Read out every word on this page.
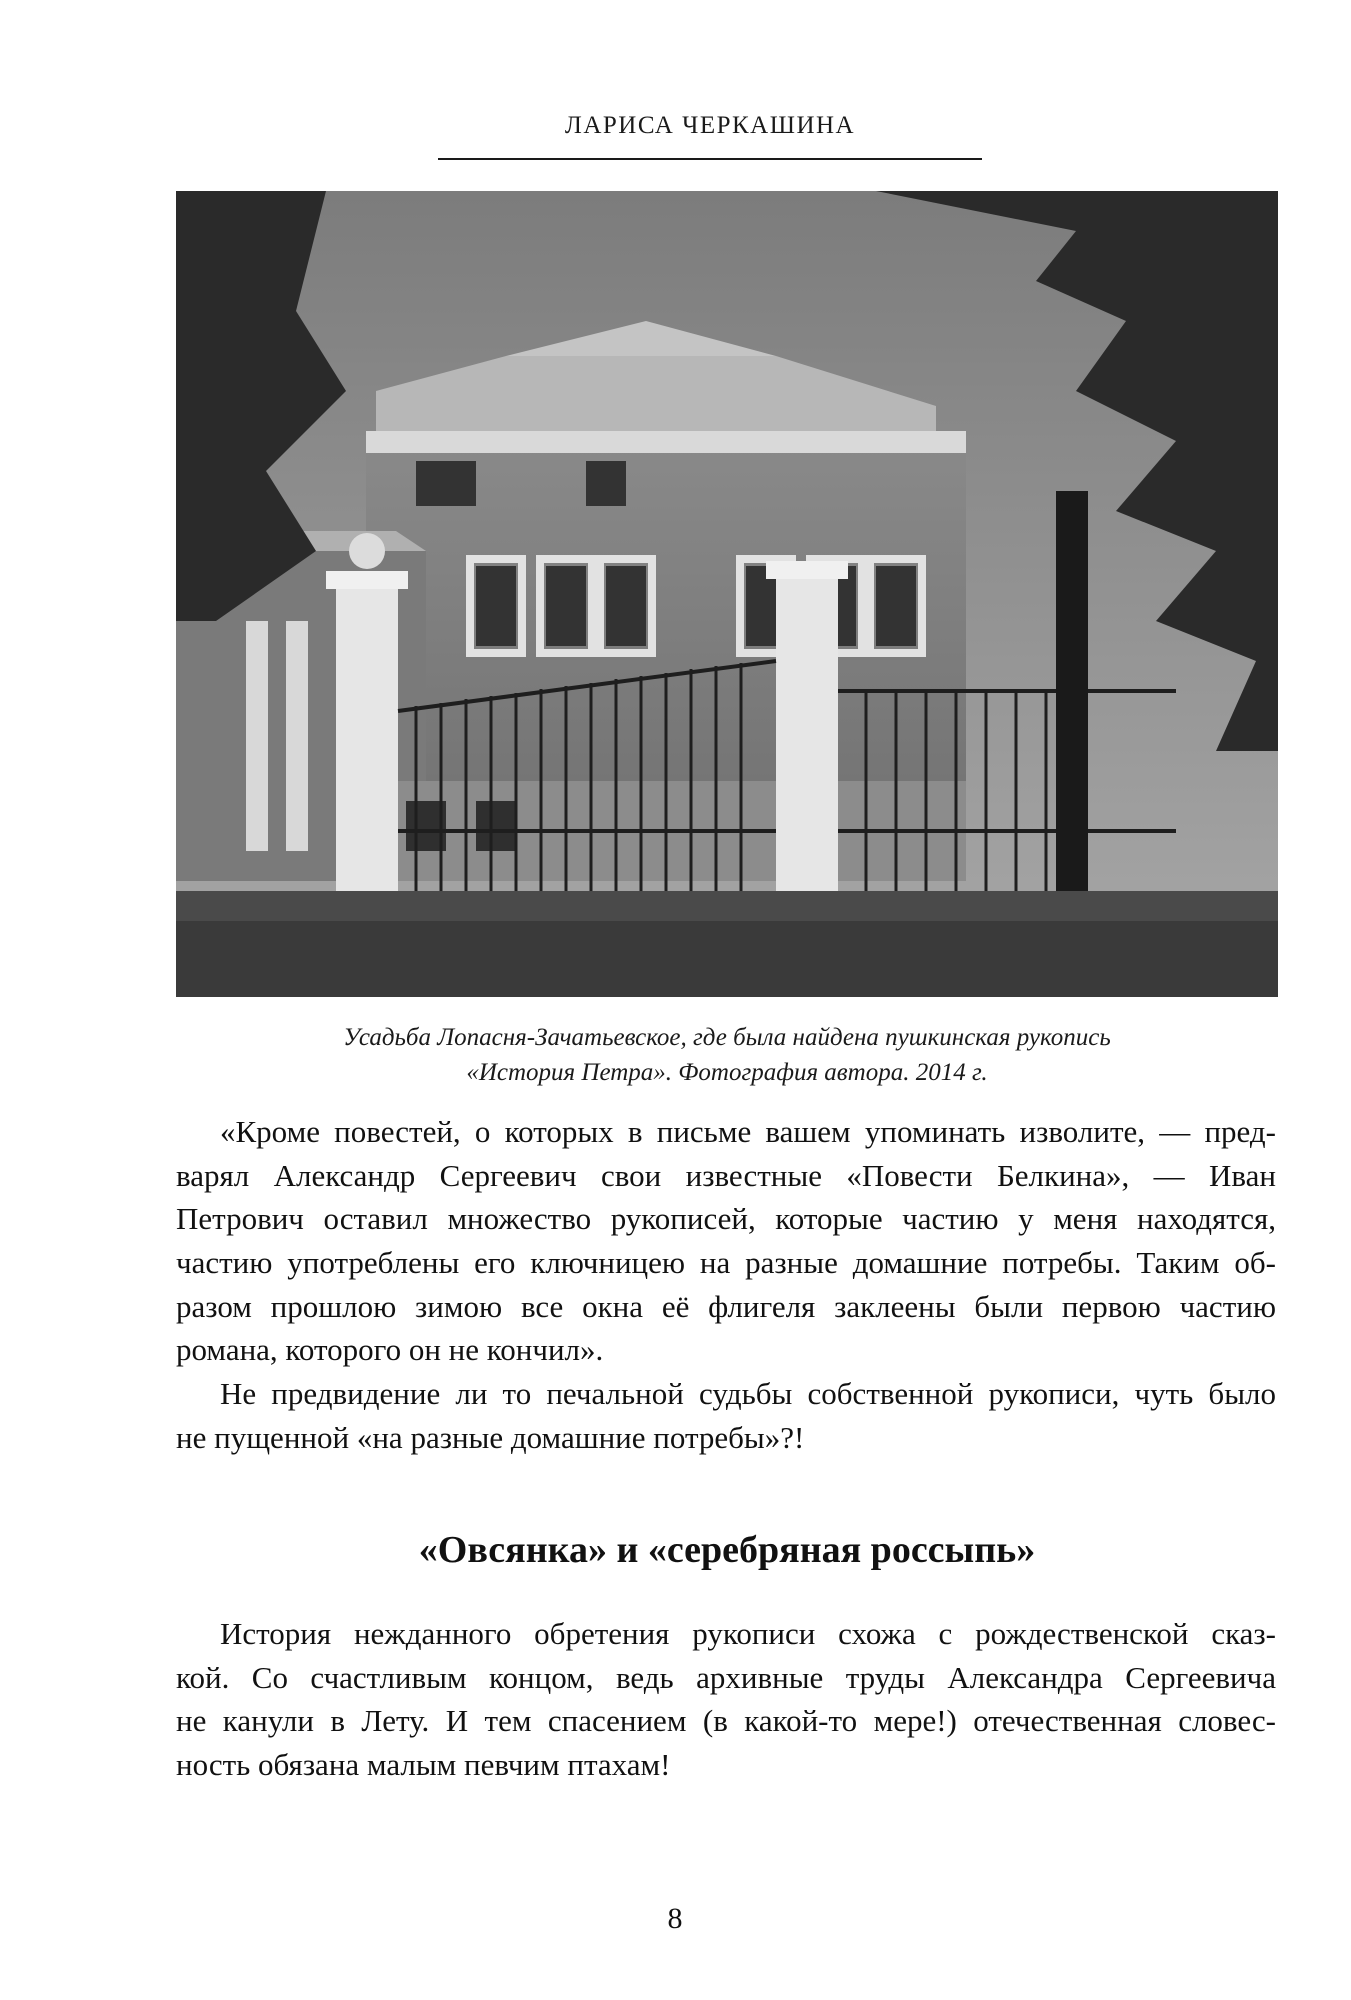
ЛАРИСА ЧЕРКАШИНА
Усадьба Лопасня-Зачатьевское, где была найдена пушкинская рукопись
«История Петра». Фотография автора. 2014 г.
«Кроме повестей, о которых в письме вашем упоминать изволите, — пред-
варял Александр Сергеевич свои известные «Повести Белкина», — Иван
Петрович оставил множество рукописей, которые частию у меня находятся,
частию употреблены его ключницею на разные домашние потребы. Таким об-
разом прошлою зимою все окна её флигеля заклеены были первою частию
романа, которого он не кончил».
Не предвидение ли то печальной судьбы собственной рукописи, чуть было
не пущенной «на разные домашние потребы»?!
«Овсянка» и «серебряная россыпь»
История нежданного обретения рукописи схожа с рождественской сказ-
кой. Со счастливым концом, ведь архивные труды Александра Сергеевича
не канули в Лету. И тем спасением (в какой-то мере!) отечественная словес-
ность обязана малым певчим птахам!
8
